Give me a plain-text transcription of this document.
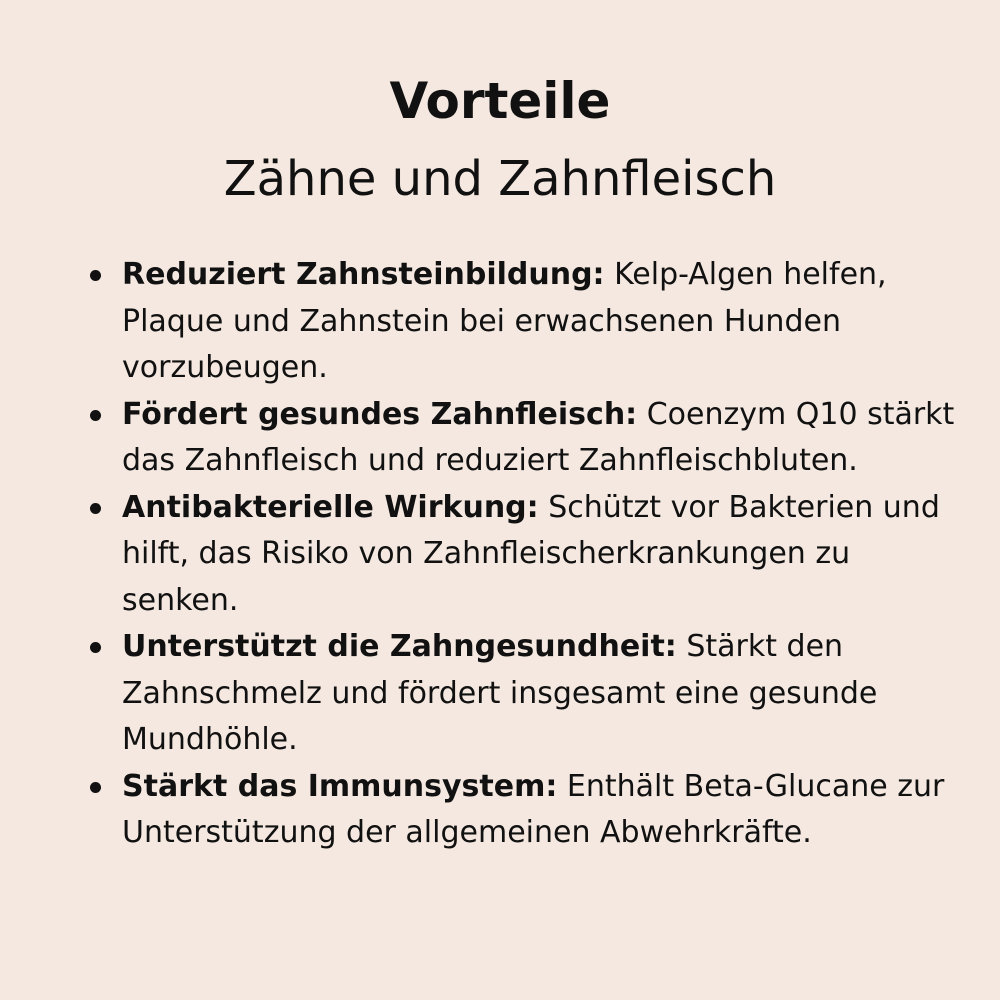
Vorteile
Zähne und Zahnfleisch
Reduziert Zahnsteinbildung: Kelp-Algen helfen, Plaque und Zahnstein bei erwachsenen Hunden vorzubeugen.
Fördert gesundes Zahnfleisch: Coenzym Q10 stärkt das Zahnfleisch und reduziert Zahnfleischbluten.
Antibakterielle Wirkung: Schützt vor Bakterien und hilft, das Risiko von Zahnfleischerkrankungen zu senken.
Unterstützt die Zahngesundheit: Stärkt den Zahnschmelz und fördert insgesamt eine gesunde Mundhöhle.
Stärkt das Immunsystem: Enthält Beta-Glucane zur Unterstützung der allgemeinen Abwehrkräfte.
